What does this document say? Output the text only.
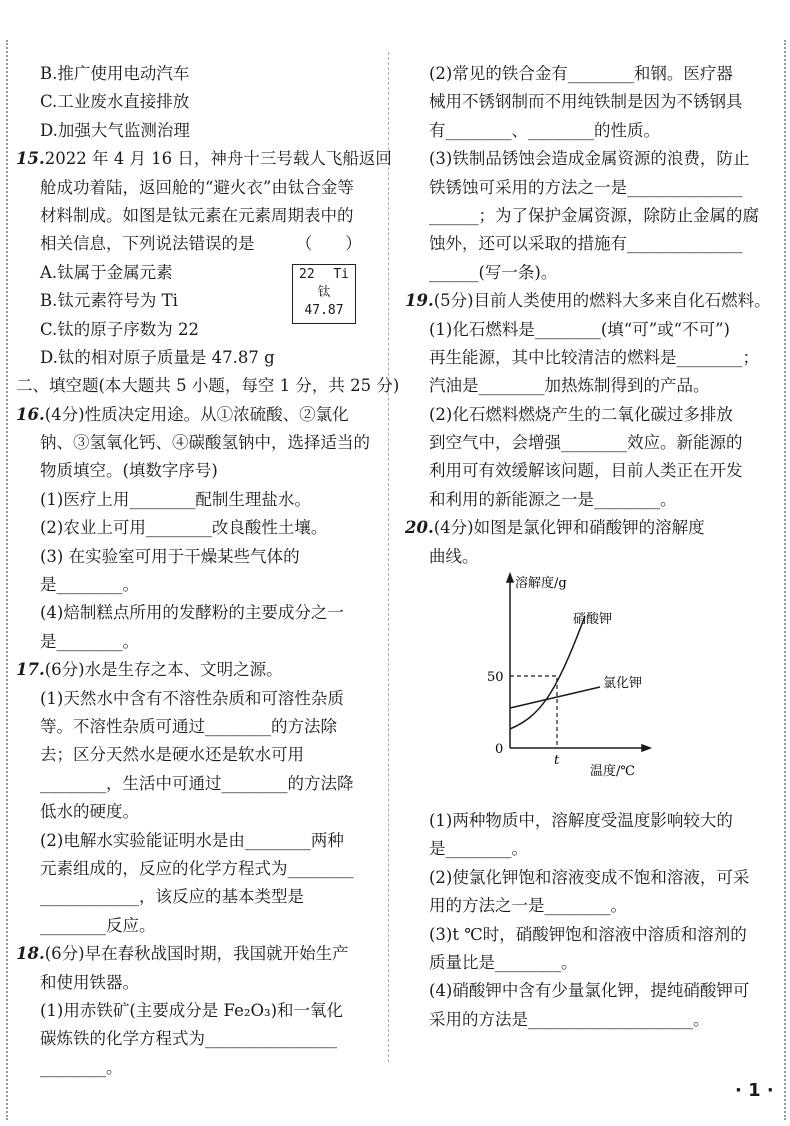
B.推广使用电动汽车
C.工业废水直接排放
D.加强大气监测治理
15.2022 年 4 月 16 日，神舟十三号载人飞船返回
舱成功着陆，返回舱的“避火衣”由钛合金等
材料制成。如图是钛元素在元素周期表中的
相关信息，下列说法错误的是　　　（　　）
A.钛属于金属元素
B.钛元素符号为 Ti
C.钛的原子序数为 22
D.钛的相对原子质量是 47.87 g
二、填空题(本大题共 5 小题，每空 1 分，共 25 分)
16.(4分)性质决定用途。从①浓硫酸、②氯化
钠、③氢氧化钙、④碳酸氢钠中，选择适当的
物质填空。(填数字序号)
(1)医疗上用________配制生理盐水。
(2)农业上可用________改良酸性土壤。
(3) 在实验室可用于干燥某些气体的
是________。
(4)焙制糕点所用的发酵粉的主要成分之一
是________。
17.(6分)水是生存之本、文明之源。
(1)天然水中含有不溶性杂质和可溶性杂质
等。不溶性杂质可通过________的方法除
去；区分天然水是硬水还是软水可用
________，生活中可通过________的方法降
低水的硬度。
(2)电解水实验能证明水是由________两种
元素组成的，反应的化学方程式为________
____________，该反应的基本类型是
________反应。
18.(6分)早在春秋战国时期，我国就开始生产
和使用铁器。
(1)用赤铁矿(主要成分是 Fe₂O₃)和一氧化
碳炼铁的化学方程式为________________
________。
22 Ti
钛
47.87
(2)常见的铁合金有________和钢。医疗器
械用不锈钢制而不用纯铁制是因为不锈钢具
有________、________的性质。
(3)铁制品锈蚀会造成金属资源的浪费，防止
铁锈蚀可采用的方法之一是______________
______；为了保护金属资源，除防止金属的腐
蚀外，还可以采取的措施有______________
______(写一条)。
19.(5分)目前人类使用的燃料大多来自化石燃料。
(1)化石燃料是________(填“可”或“不可”)
再生能源，其中比较清洁的燃料是________；
汽油是________加热炼制得到的产品。
(2)化石燃料燃烧产生的二氧化碳过多排放
到空气中，会增强________效应。新能源的
利用可有效缓解该问题，目前人类正在开发
和利用的新能源之一是________。
20.(4分)如图是氯化钾和硝酸钾的溶解度
曲线。
溶解度/g
温度/℃
50
0
t
硝酸钾
氯化钾
(1)两种物质中，溶解度受温度影响较大的
是________。
(2)使氯化钾饱和溶液变成不饱和溶液，可采
用的方法之一是________。
(3)t ℃时，硝酸钾饱和溶液中溶质和溶剂的
质量比是________。
(4)硝酸钾中含有少量氯化钾，提纯硝酸钾可
采用的方法是____________________。
· 1 ·
